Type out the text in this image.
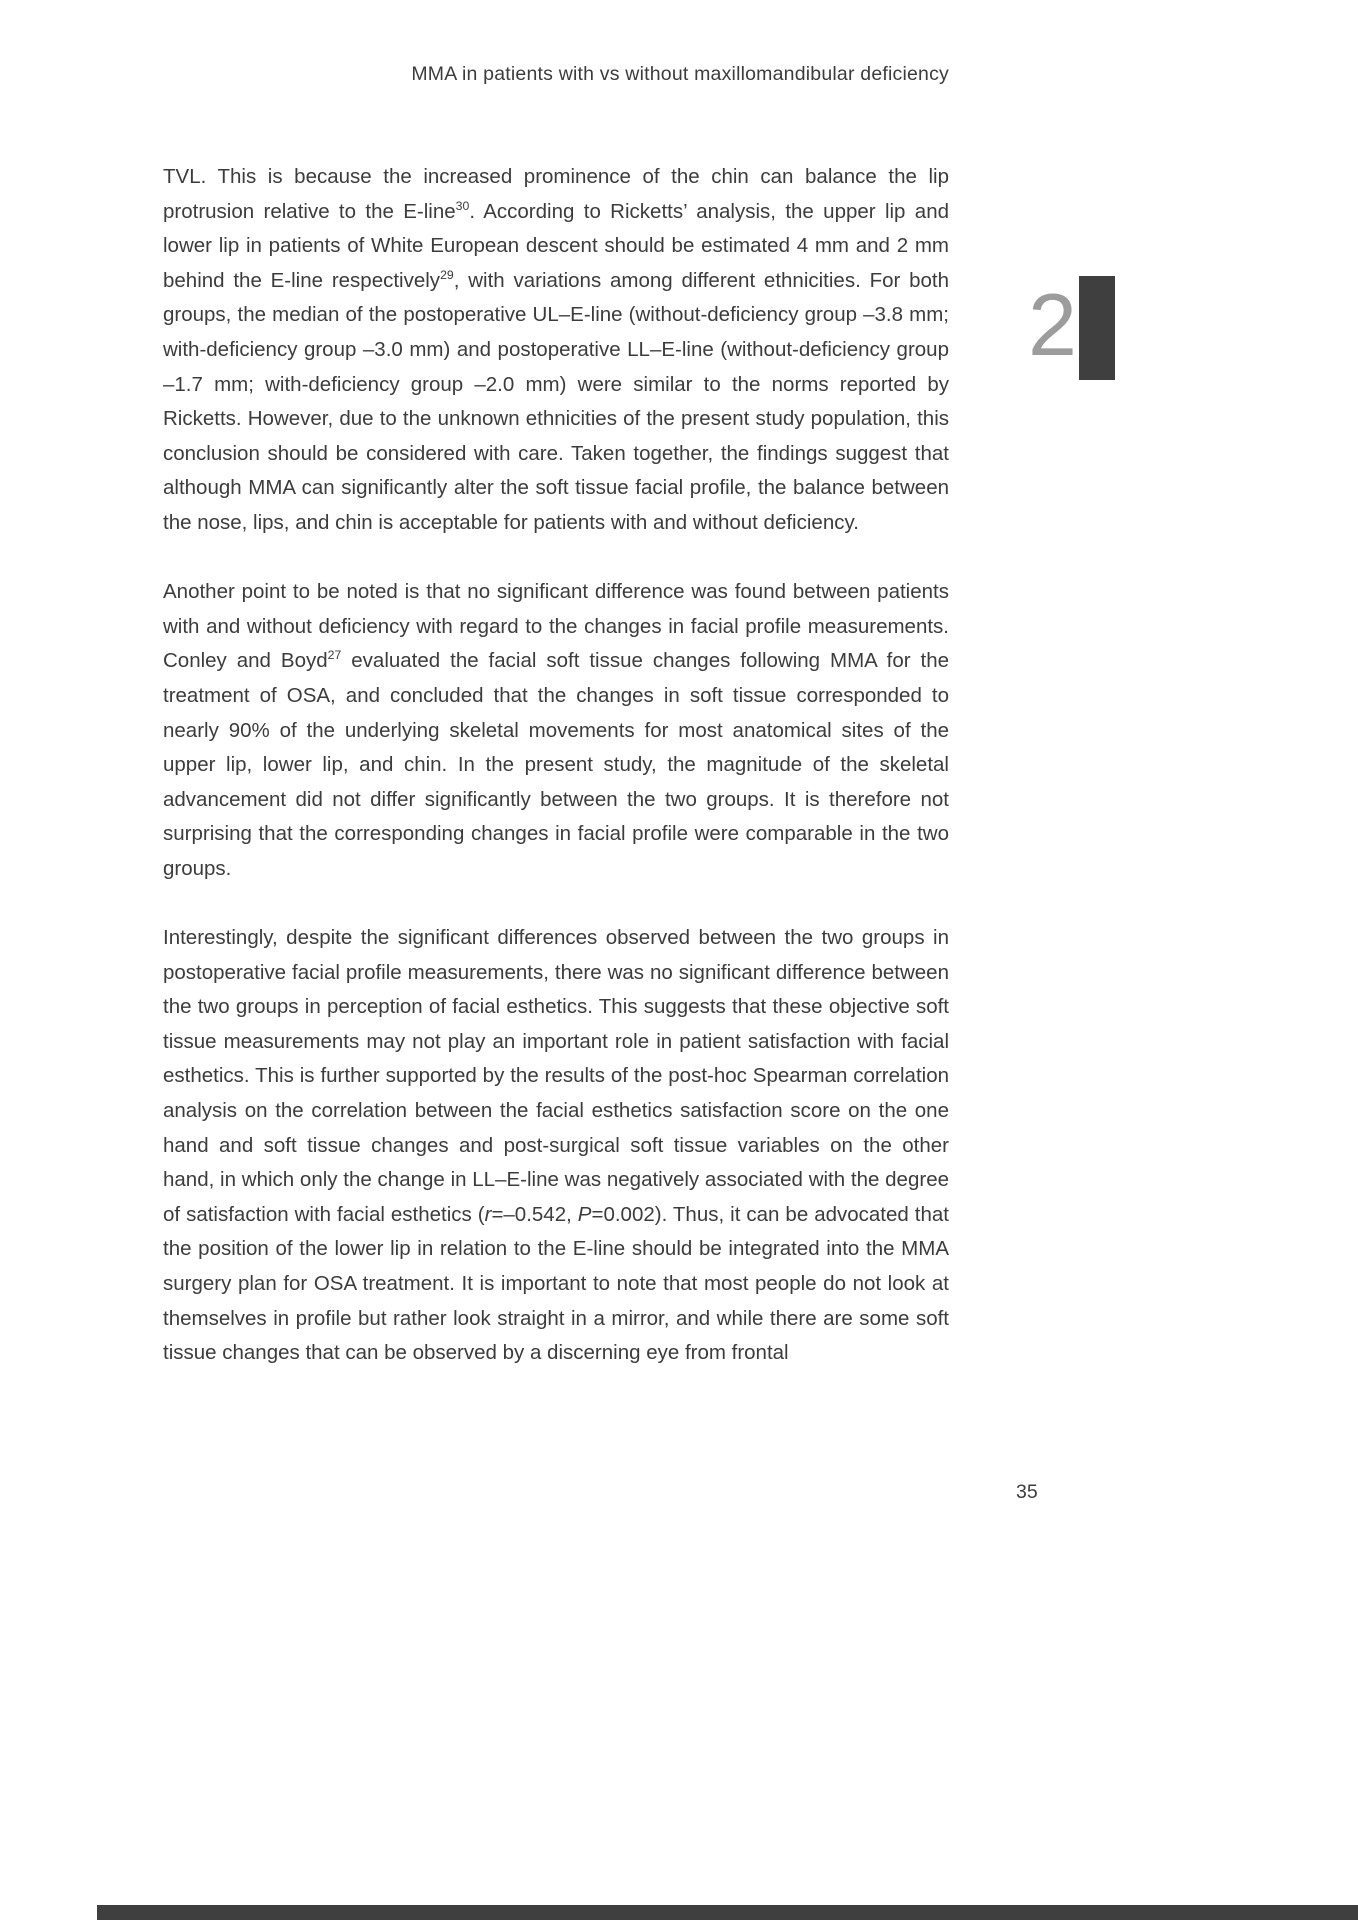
MMA in patients with vs without maxillomandibular deficiency
2

TVL. This is because the increased prominence of the chin can balance the lip protrusion relative to the E-line$^{30}$. According to Ricketts’ analysis, the upper lip and lower lip in patients of White European descent should be estimated 4 mm and 2 mm behind the E-line respectively$^{29}$, with variations among different ethnicities. For both groups, the median of the postoperative UL–E-line (without-deficiency group –3.8 mm; with-deficiency group –3.0 mm) and postoperative LL–E-line (without-deficiency group –1.7 mm; with-deficiency group –2.0 mm) were similar to the norms reported by Ricketts. However, due to the unknown ethnicities of the present study population, this conclusion should be considered with care. Taken together, the findings suggest that although MMA can significantly alter the soft tissue facial profile, the balance between the nose, lips, and chin is acceptable for patients with and without deficiency.

Another point to be noted is that no significant difference was found between patients with and without deficiency with regard to the changes in facial profile measurements. Conley and Boyd$^{27}$ evaluated the facial soft tissue changes following MMA for the treatment of OSA, and concluded that the changes in soft tissue corresponded to nearly 90% of the underlying skeletal movements for most anatomical sites of the upper lip, lower lip, and chin. In the present study, the magnitude of the skeletal advancement did not differ significantly between the two groups. It is therefore not surprising that the corresponding changes in facial profile were comparable in the two groups.

Interestingly, despite the significant differences observed between the two groups in postoperative facial profile measurements, there was no significant difference between the two groups in perception of facial esthetics. This suggests that these objective soft tissue measurements may not play an important role in patient satisfaction with facial esthetics. This is further supported by the results of the post-hoc Spearman correlation analysis on the correlation between the facial esthetics satisfaction score on the one hand and soft tissue changes and post-surgical soft tissue variables on the other hand, in which only the change in LL–E-line was negatively associated with the degree of satisfaction with facial esthetics (r=–0.542, P=0.002). Thus, it can be advocated that the position of the lower lip in relation to the E-line should be integrated into the MMA surgery plan for OSA treatment. It is important to note that most people do not look at themselves in profile but rather look straight in a mirror, and while there are some soft tissue changes that can be observed by a discerning eye from frontal

35
